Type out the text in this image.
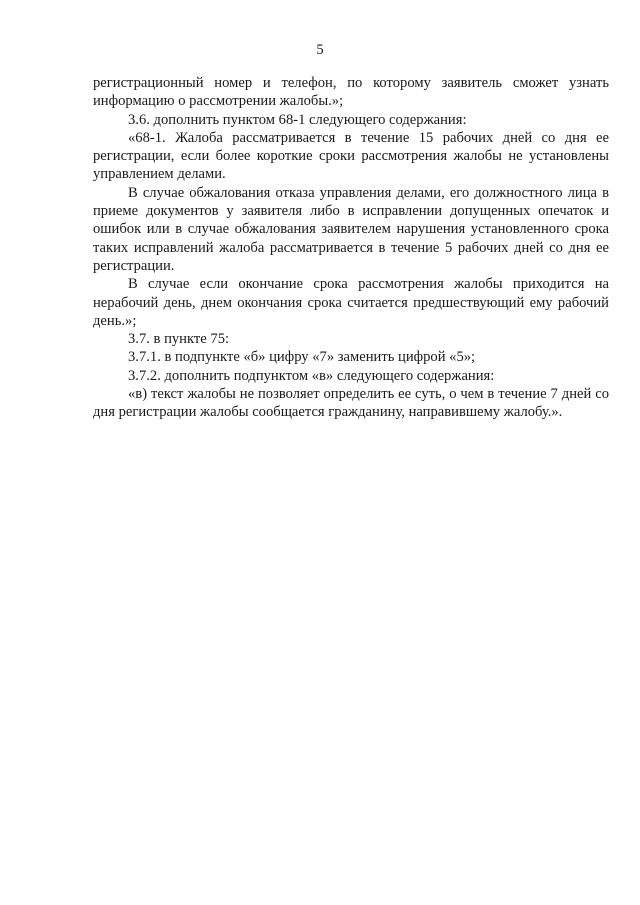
5

регистрационный номер и телефон, по которому заявитель сможет узнать информацию о рассмотрении жалобы.»;

3.6. дополнить пунктом 68-1 следующего содержания:

«68-1. Жалоба рассматривается в течение 15 рабочих дней со дня ее регистрации, если более короткие сроки рассмотрения жалобы не установлены управлением делами.

В случае обжалования отказа управления делами, его должностного лица в приеме документов у заявителя либо в исправлении допущенных опечаток и ошибок или в случае обжалования заявителем нарушения установленного срока таких исправлений жалоба рассматривается в течение 5 рабочих дней со дня ее регистрации.

В случае если окончание срока рассмотрения жалобы приходится на нерабочий день, днем окончания срока считается предшествующий ему рабочий день.»;

3.7. в пункте 75:

3.7.1. в подпункте «б» цифру «7» заменить цифрой «5»;

3.7.2. дополнить подпунктом «в» следующего содержания:

«в) текст жалобы не позволяет определить ее суть, о чем в течение 7 дней со дня регистрации жалобы сообщается гражданину, направившему жалобу.».
